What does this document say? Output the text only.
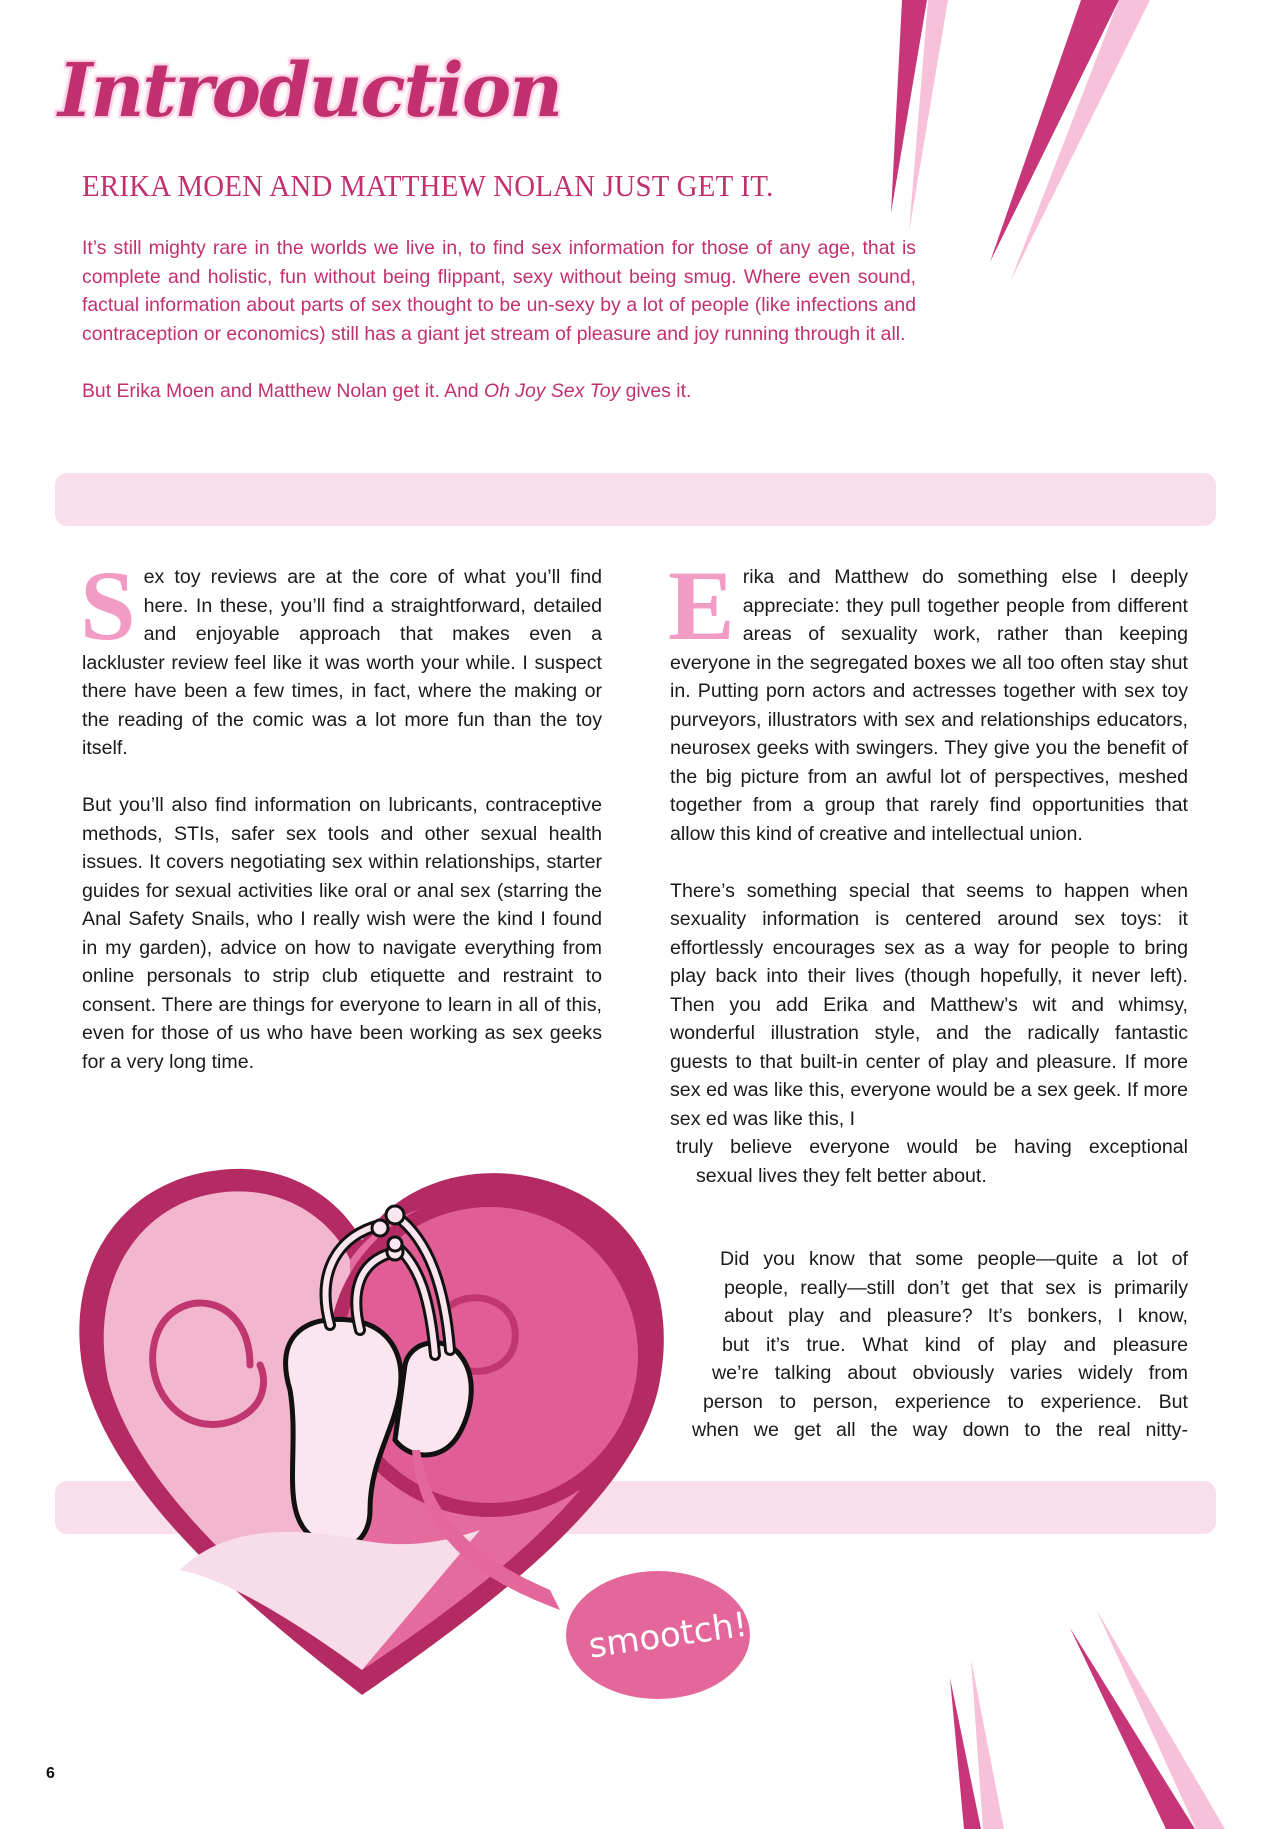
Introduction
ERIKA MOEN AND MATTHEW NOLAN JUST GET IT.

It’s still mighty rare in the worlds we live in, to find sex information for those of any age, that is complete and holistic, fun without being flippant, sexy without being smug. Where even sound, factual information about parts of sex thought to be un-sexy by a lot of people (like infections and contraception or economics) still has a giant jet stream of pleasure and joy running through it all.

But Erika Moen and Matthew Nolan get it. And Oh Joy Sex Toy gives it.

Sex toy reviews are at the core of what you’ll find here. In these, you’ll find a straightforward, detailed and enjoyable approach that makes even a lackluster review feel like it was worth your while. I suspect there have been a few times, in fact, where the making or the reading of the comic was a lot more fun than the toy itself.

But you’ll also find information on lubricants, contraceptive methods, STIs, safer sex tools and other sexual health issues. It covers negotiating sex within relationships, starter guides for sexual activities like oral or anal sex (starring the Anal Safety Snails, who I really wish were the kind I found in my garden), advice on how to navigate everything from online personals to strip club etiquette and restraint to consent. There are things for everyone to learn in all of this, even for those of us who have been working as sex geeks for a very long time.

Erika and Matthew do something else I deeply appreciate: they pull together people from different areas of sexuality work, rather than keeping everyone in the segregated boxes we all too often stay shut in. Putting porn actors and actresses together with sex toy purveyors, illustrators with sex and relationships educators, neurosex geeks with swingers. They give you the benefit of the big picture from an awful lot of perspectives, meshed together from a group that rarely find opportunities that allow this kind of creative and intellectual union.

There’s something special that seems to happen when sexuality information is centered around sex toys: it effortlessly encourages sex as a way for people to bring play back into their lives (though hopefully, it never left). Then you add Erika and Matthew’s wit and whimsy, wonderful illustration style, and the radically fantastic guests to that built-in center of play and pleasure. If more sex ed was like this, everyone would be a sex geek. If more sex ed was like this, I
truly believe everyone would be having exceptional
sexual lives they felt better about.

Did you know that some people—quite a lot of
people, really—still don’t get that sex is primarily
about play and pleasure? It’s bonkers, I know,
but it’s true. What kind of play and pleasure
we’re talking about obviously varies widely from
person to person, experience to experience. But
when we get all the way down to the real nitty-
smootch!
6
